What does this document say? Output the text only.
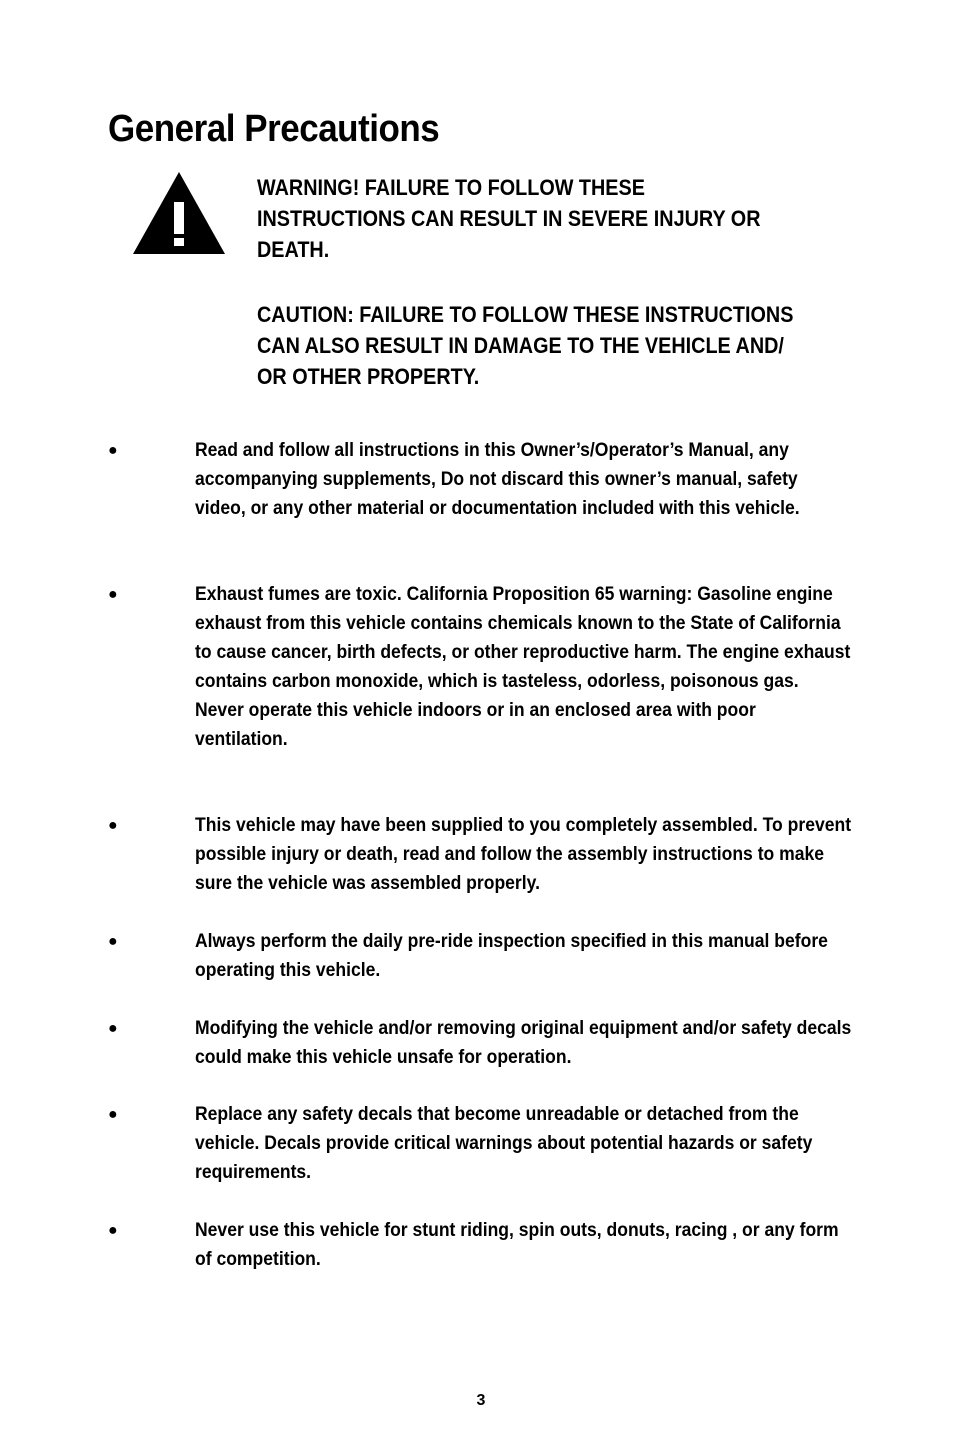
General Precautions
WARNING! FAILURE TO FOLLOW THESE INSTRUCTIONS CAN RESULT IN SEVERE INJURY OR DEATH.
CAUTION: FAILURE TO FOLLOW THESE INSTRUCTIONS CAN ALSO RESULT IN DAMAGE TO THE VEHICLE AND/ OR OTHER PROPERTY.
●	Read and follow all instructions in this Owner’s/Operator’s Manual, any accompanying supplements, Do not discard this owner’s manual, safety video, or any other material or documentation included with this vehicle.
●	Exhaust fumes are toxic. California Proposition 65 warning: Gasoline engine exhaust from this vehicle contains chemicals known to the State of California to cause cancer, birth defects, or other reproductive harm. The engine exhaust contains carbon monoxide, which is tasteless, odorless, poisonous gas. Never operate this vehicle indoors or in an enclosed area with poor ventilation.
●	This vehicle may have been supplied to you completely assembled. To prevent possible injury or death, read and follow the assembly instructions to make sure the vehicle was assembled properly.
●	Always perform the daily pre-ride inspection specified in this manual before operating this vehicle.
●	Modifying the vehicle and/or removing original equipment and/or safety decals could make this vehicle unsafe for operation.
●	Replace any safety decals that become unreadable or detached from the vehicle. Decals provide critical warnings about potential hazards or safety requirements.
●	Never use this vehicle for stunt riding, spin outs, donuts, racing , or any form of competition.
3
